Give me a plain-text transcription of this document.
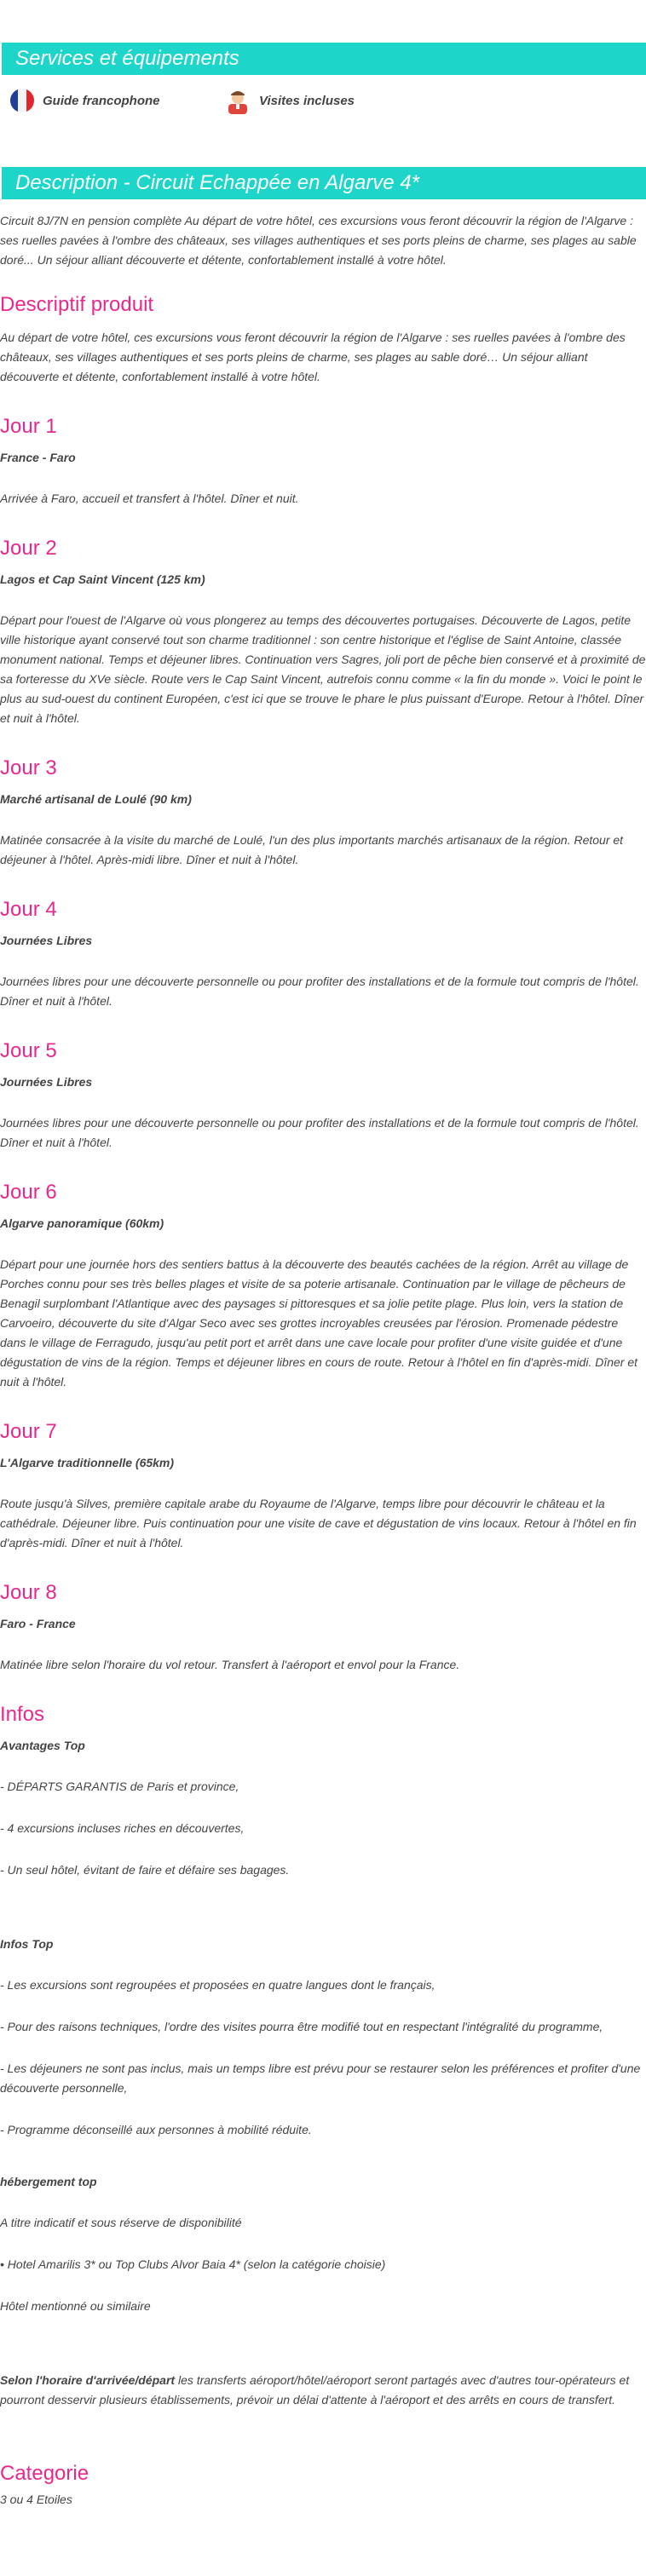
Services et équipements
Guide francophone	Visites incluses
Description - Circuit Echappée en Algarve 4*

Circuit 8J/7N en pension complète Au départ de votre hôtel, ces excursions vous feront découvrir la région de l'Algarve : ses ruelles pavées à l'ombre des châteaux, ses villages authentiques et ses ports pleins de charme, ses plages au sable doré... Un séjour alliant découverte et détente, confortablement installé à votre hôtel.

Descriptif produit

Au départ de votre hôtel, ces excursions vous feront découvrir la région de l'Algarve : ses ruelles pavées à l'ombre des châteaux, ses villages authentiques et ses ports pleins de charme, ses plages au sable doré… Un séjour alliant découverte et détente, confortablement installé à votre hôtel.

Jour 1
France - Faro

Arrivée à Faro, accueil et transfert à l'hôtel. Dîner et nuit.

Jour 2
Lagos et Cap Saint Vincent (125 km)

Départ pour l'ouest de l'Algarve où vous plongerez au temps des découvertes portugaises. Découverte de Lagos, petite ville historique ayant conservé tout son charme traditionnel : son centre historique et l'église de Saint Antoine, classée monument national. Temps et déjeuner libres. Continuation vers Sagres, joli port de pêche bien conservé et à proximité de sa forteresse du XVe siècle. Route vers le Cap Saint Vincent, autrefois connu comme « la fin du monde ». Voici le point le plus au sud-ouest du continent Européen, c'est ici que se trouve le phare le plus puissant d'Europe. Retour à l'hôtel. Dîner et nuit à l'hôtel.

Jour 3
Marché artisanal de Loulé (90 km)

Matinée consacrée à la visite du marché de Loulé, l'un des plus importants marchés artisanaux de la région. Retour et déjeuner à l'hôtel. Après-midi libre. Dîner et nuit à l'hôtel.

Jour 4
Journées Libres

Journées libres pour une découverte personnelle ou pour profiter des installations et de la formule tout compris de l'hôtel. Dîner et nuit à l'hôtel.

Jour 5
Journées Libres

Journées libres pour une découverte personnelle ou pour profiter des installations et de la formule tout compris de l'hôtel. Dîner et nuit à l'hôtel.

Jour 6
Algarve panoramique (60km)

Départ pour une journée hors des sentiers battus à la découverte des beautés cachées de la région. Arrêt au village de Porches connu pour ses très belles plages et visite de sa poterie artisanale. Continuation par le village de pêcheurs de Benagil surplombant l'Atlantique avec des paysages si pittoresques et sa jolie petite plage. Plus loin, vers la station de Carvoeiro, découverte du site d'Algar Seco avec ses grottes incroyables creusées par l'érosion. Promenade pédestre dans le village de Ferragudo, jusqu'au petit port et arrêt dans une cave locale pour profiter d'une visite guidée et d'une dégustation de vins de la région. Temps et déjeuner libres en cours de route. Retour à l'hôtel en fin d'après-midi. Dîner et nuit à l'hôtel.

Jour 7
L'Algarve traditionnelle (65km)

Route jusqu'à Silves, première capitale arabe du Royaume de l'Algarve, temps libre pour découvrir le château et la cathédrale. Déjeuner libre. Puis continuation pour une visite de cave et dégustation de vins locaux. Retour à l'hôtel en fin d'après-midi. Dîner et nuit à l'hôtel.

Jour 8
Faro - France

Matinée libre selon l'horaire du vol retour. Transfert à l'aéroport et envol pour la France.

Infos
Avantages Top

- DÉPARTS GARANTIS de Paris et province,

- 4 excursions incluses riches en découvertes,

- Un seul hôtel, évitant de faire et défaire ses bagages.

Infos Top

- Les excursions sont regroupées et proposées en quatre langues dont le français,

- Pour des raisons techniques, l'ordre des visites pourra être modifié tout en respectant l'intégralité du programme,

- Les déjeuners ne sont pas inclus, mais un temps libre est prévu pour se restaurer selon les préférences et profiter d'une découverte personnelle,

- Programme déconseillé aux personnes à mobilité réduite.

hébergement top

A titre indicatif et sous réserve de disponibilité

• Hotel Amarilis 3* ou Top Clubs Alvor Baia 4* (selon la catégorie choisie)

Hôtel mentionné ou similaire

Selon l'horaire d'arrivée/départ les transferts aéroport/hôtel/aéroport seront partagés avec d'autres tour-opérateurs et pourront desservir plusieurs établissements, prévoir un délai d'attente à l'aéroport et des arrêts en cours de transfert.

Categorie

3 ou 4 Etoiles
